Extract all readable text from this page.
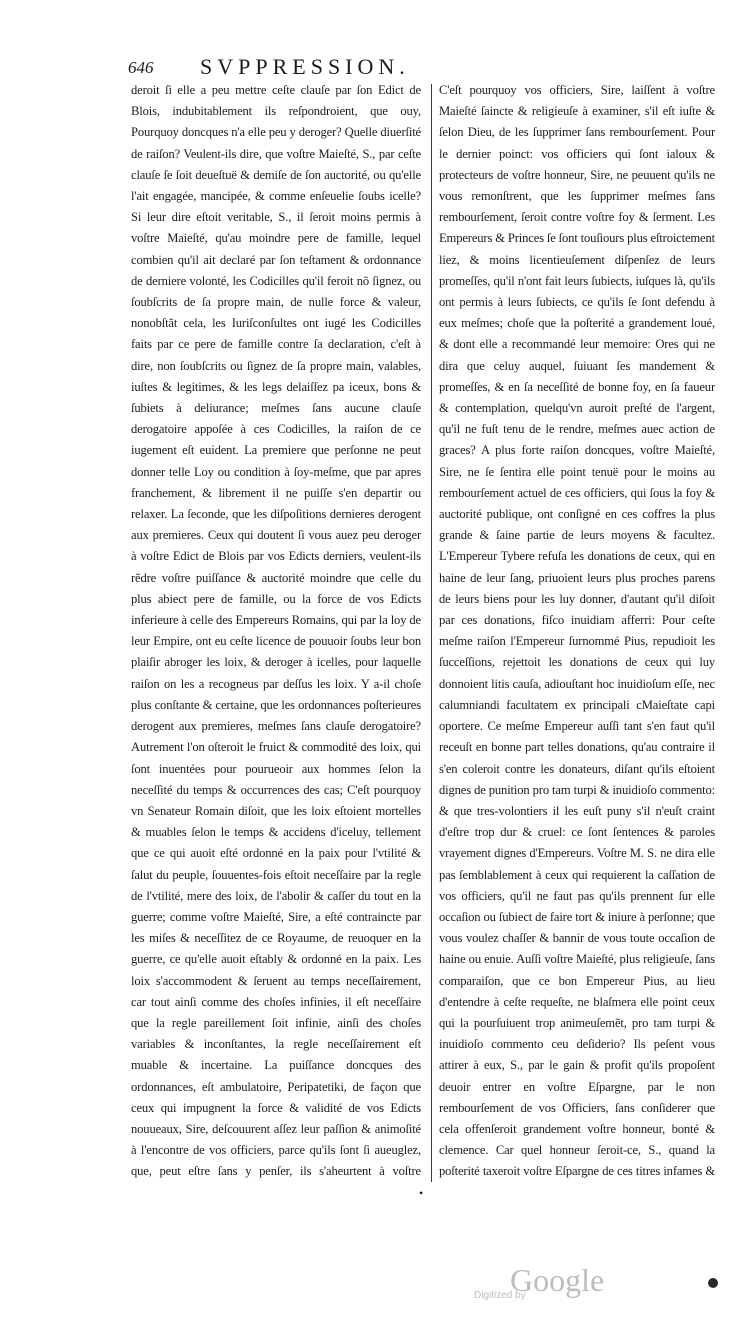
646 SVPPRESSION.

deroit ſi elle a peu mettre ceſte clauſe par ſon Edict de Blois, indubitablement ils reſpondroient, que ouy, Pourquoy doncques n'a elle peu y deroger? Quelle diuerſité de raiſon? Veulent-ils dire, que voſtre Maieſté, S., par ceſte clauſe ſe ſoit deueſtuë & demiſe de ſon auctorité, ou qu'elle l'ait engagée, mancipée, & comme enſeuelie ſoubs icelle? Si leur dire eſtoit veritable, S., il ſeroit moins permis à voſtre Maieſté, qu'au moindre pere de famille, lequel combien qu'il ait declaré par ſon teſtament & ordonnance de derniere volonté, les Codicilles qu'il feroit nõ ſignez, ou ſoubſcrits de ſa propre main, de nulle force & valeur, nonobſtãt cela, les Iuriſconſultes ont iugé les Codicilles faits par ce pere de famille contre ſa declaration, c'eſt à dire, non ſoubſcrits ou ſignez de ſa propre main, valables, iuſtes & legitimes, & les legs delaiſſez pa iceux, bons & ſubiets à deliurance; meſmes ſans aucune clauſe derogatoire appoſée à ces Codicilles, la raiſon de ce iugement eſt euident. La premiere que perſonne ne peut donner telle Loy ou condition à ſoy-meſme, que par apres franchement, & librement il ne puiſſe s'en departir ou relaxer. La ſeconde, que les diſpoſitions dernieres derogent aux premieres. Ceux qui doutent ſi vous auez peu deroger à voſtre Edict de Blois par vos Edicts derniers, veulent-ils rẽdre voſtre puiſſance & auctorité moindre que celle du plus abiect pere de famille, ou la force de vos Edicts inferieure à celle des Empereurs Romains, qui par la loy de leur Empire, ont eu ceſte licence de pouuoir ſoubs leur bon plaiſir abroger les loix, & deroger à icelles, pour laquelle raiſon on les a recogneus par deſſus les loix. Y a-il choſe plus conſtante & certaine, que les ordonnances poſterieures derogent aux premieres, meſmes ſans clauſe derogatoire? Autrement l'on oſteroit le fruict & commodité des loix, qui ſont inuentées pour pourueoir aux hommes ſelon la neceſſité du temps & occurrences des cas; C'eſt pourquoy vn Senateur Romain diſoit, que les loix eſtoient mortelles & muables ſelon le temps & accidens d'iceluy, tellement que ce qui auoit eſté ordonné en la paix pour l'vtilité & ſalut du peuple, ſouuentes-fois eſtoit neceſſaire par la regle de l'vtilité, mere des loix, de l'abolir & caſſer du tout en la guerre; comme voſtre Maieſté, Sire, a eſté contraincte par les miſes & neceſſitez de ce Royaume, de reuoquer en la guerre, ce qu'elle auoit eſtably & ordonné en la paix. Les loix s'accommodent & ſeruent au temps neceſſairement, car tout ainſi comme des choſes infinies, il eſt neceſſaire que la regle pareillement ſoit infinie, ainſi des choſes variables & inconſtantes, la regle neceſſairement eſt muable & incertaine. La puiſſance doncques des ordonnances, eſt ambulatoire, Peripatetiki, de façon que ceux qui impugnent la force & validité de vos Edicts nouueaux, Sire, deſcouurent aſſez leur paſſion & animoſité à l'encontre de vos officiers, parce qu'ils ſont ſi aueuglez, que, peut eſtre ſans y penſer, ils s'aheurtent à voſtre

C'eſt pourquoy vos officiers, Sire, laiſſent à voſtre Maieſté ſaincte & religieuſe à examiner, s'il eſt iuſte & ſelon Dieu, de les ſupprimer ſans rembourſement. Pour le dernier poinct: vos officiers qui ſont ialoux & protecteurs de voſtre honneur, Sire, ne peuuent qu'ils ne vous remonſtrent, que les ſupprimer meſmes ſans rembourſement, ſeroit contre voſtre foy & ſerment. Les Empereurs & Princes ſe ſont touſiours plus eſtroictement liez, & moins licentieuſement diſpenſez de leurs promeſſes, qu'il n'ont fait leurs ſubiects, iuſques là, qu'ils ont permis à leurs ſubiects, ce qu'ils ſe ſont defendu à eux meſmes; choſe que la poſterité a grandement loué, & dont elle a recommandé leur memoire: Ores qui ne dira que celuy auquel, ſuiuant ſes mandement & promeſſes, & en ſa neceſſité de bonne foy, en ſa faueur & contemplation, quelqu'vn auroit preſté de l'argent, qu'il ne fuſt tenu de le rendre, meſmes auec action de graces? A plus forte raiſon doncques, voſtre Maieſté, Sire, ne ſe ſentira elle point tenuë pour le moins au rembourſement actuel de ces officiers, qui ſous la foy & auctorité publique, ont conſigné en ces coffres la plus grande & ſaine partie de leurs moyens & facultez. L'Empereur Tybere refuſa les donations de ceux, qui en haine de leur ſang, priuoient leurs plus proches parens de leurs biens pour les luy donner, d'autant qu'il diſoit par ces donations, fiſco inuidiam afferri: Pour ceſte meſme raiſon l'Empereur ſurnommé Pius, repudioit les ſucceſſions, rejettoit les donations de ceux qui luy donnoient litis cauſa, adiouſtant hoc inuidioſum eſſe, nec calumniandi facultatem ex principali cMaieſtate capi oportere. Ce meſme Empereur auſſi tant s'en faut qu'il receuſt en bonne part telles donations, qu'au contraire il s'en coleroit contre les donateurs, diſant qu'ils eſtoient dignes de punition pro tam turpi & inuidioſo commento: & que tres-volontiers il les euſt puny s'il n'euſt craint d'eſtre trop dur & cruel: ce ſont ſentences & paroles vrayement dignes d'Empereurs. Voſtre M. S. ne dira elle pas ſemblablement à ceux qui requierent la caſſation de vos officiers, qu'il ne faut pas qu'ils prennent ſur elle occaſion ou ſubiect de faire tort & iniure à perſonne; que vous voulez chaſſer & bannir de vous toute occaſion de haine ou enuie. Auſſi voſtre Maieſté, plus religieuſe, ſans comparaiſon, que ce bon Empereur Pius, au lieu d'entendre à ceſte requeſte, ne blaſmera elle point ceux qui la pourſuiuent trop animeuſemẽt, pro tam turpi & inuidioſo commento ceu deſiderio? Ils peſent vous attirer à eux, S., par le gain & profit qu'ils propoſent deuoir entrer en voſtre Eſpargne, par le non rembourſement de vos Officiers, ſans conſiderer que cela offenſeroit grandement voſtre honneur, bonté & clemence. Car quel honneur ſeroit-ce, S., quand la poſterité taxeroit voſtre Eſpargne de ces titres infames &

•
Digitized by
Google
